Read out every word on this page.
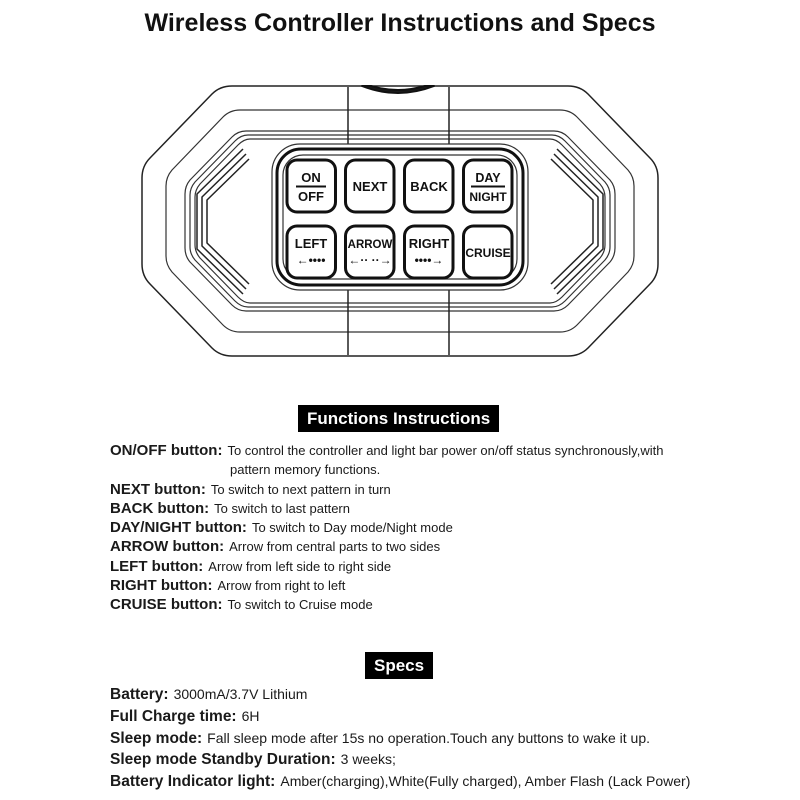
Wireless Controller Instructions and Specs
ON
OFF
NEXT BACK
DAY
NIGHT
LEFT
←••••
ARROW
←·· ··→
RIGHT
••••→ CRUISE
Functions Instructions
ON/OFF button: To control the controller and light bar power on/off status synchronously,with
pattern memory functions.
NEXT button: To switch to next pattern in turn
BACK button: To switch to last pattern
DAY/NIGHT button: To switch to Day mode/Night mode
ARROW button: Arrow from central parts to two sides
LEFT button: Arrow from left side to right side
RIGHT button: Arrow from right to left
CRUISE button: To switch to Cruise mode
Specs
Battery: 3000mA/3.7V Lithium
Full Charge time: 6H
Sleep mode: Fall sleep mode after 15s no operation.Touch any buttons to wake it up.
Sleep mode Standby Duration: 3 weeks;
Battery Indicator light: Amber(charging),White(Fully charged), Amber Flash (Lack Power)
